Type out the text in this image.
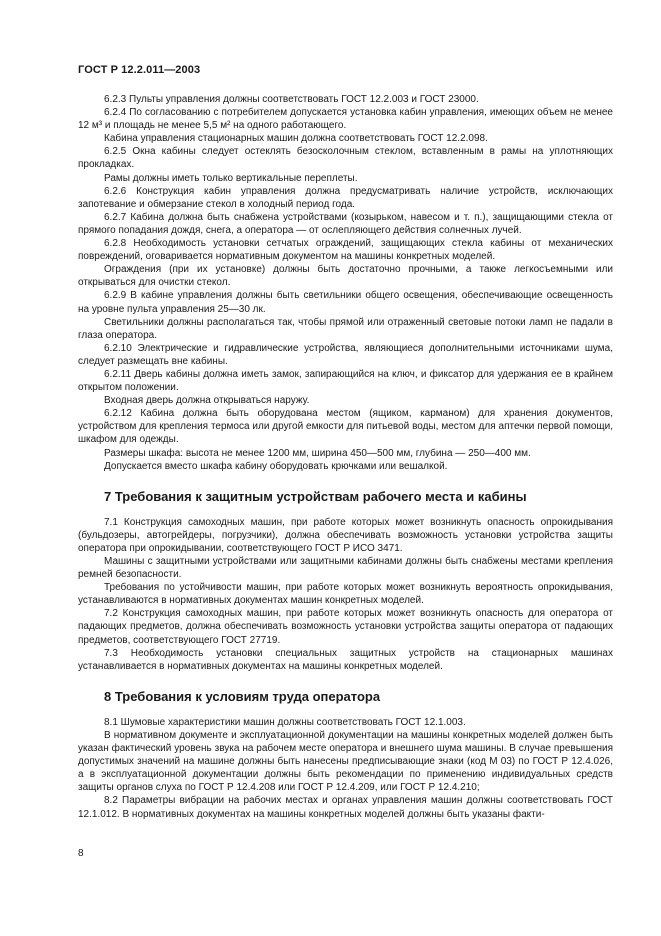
ГОСТ Р 12.2.011—2003

6.2.3 Пульты управления должны соответствовать ГОСТ 12.2.003 и ГОСТ 23000.

6.2.4 По согласованию с потребителем допускается установка кабин управления, имеющих объем не менее 12 м³ и площадь не менее 5,5 м² на одного работающего.

Кабина управления стационарных машин должна соответствовать ГОСТ 12.2.098.

6.2.5 Окна кабины следует остеклять безосколочным стеклом, вставленным в рамы на уплотняющих прокладках.

Рамы должны иметь только вертикальные переплеты.

6.2.6 Конструкция кабин управления должна предусматривать наличие устройств, исключающих запотевание и обмерзание стекол в холодный период года.

6.2.7 Кабина должна быть снабжена устройствами (козырьком, навесом и т. п.), защищающими стекла от прямого попадания дождя, снега, а оператора — от ослепляющего действия солнечных лучей.

6.2.8 Необходимость установки сетчатых ограждений, защищающих стекла кабины от механических повреждений, оговаривается нормативным документом на машины конкретных моделей.

Ограждения (при их установке) должны быть достаточно прочными, а также легкосъемными или открываться для очистки стекол.

6.2.9 В кабине управления должны быть светильники общего освещения, обеспечивающие освещенность на уровне пульта управления 25—30 лк.

Светильники должны располагаться так, чтобы прямой или отраженный световые потоки ламп не падали в глаза оператора.

6.2.10 Электрические и гидравлические устройства, являющиеся дополнительными источниками шума, следует размещать вне кабины.

6.2.11 Дверь кабины должна иметь замок, запирающийся на ключ, и фиксатор для удержания ее в крайнем открытом положении.

Входная дверь должна открываться наружу.

6.2.12 Кабина должна быть оборудована местом (ящиком, карманом) для хранения документов, устройством для крепления термоса или другой емкости для питьевой воды, местом для аптечки первой помощи, шкафом для одежды.

Размеры шкафа: высота не менее 1200 мм, ширина 450—500 мм, глубина — 250—400 мм.

Допускается вместо шкафа кабину оборудовать крючками или вешалкой.

7 Требования к защитным устройствам рабочего места и кабины

7.1 Конструкция самоходных машин, при работе которых может возникнуть опасность опрокидывания (бульдозеры, автогрейдеры, погрузчики), должна обеспечивать возможность установки устройства защиты оператора при опрокидывании, соответствующего ГОСТ Р ИСО 3471.

Машины с защитными устройствами или защитными кабинами должны быть снабжены местами крепления ремней безопасности.

Требования по устойчивости машин, при работе которых может возникнуть вероятность опрокидывания, устанавливаются в нормативных документах машин конкретных моделей.

7.2 Конструкция самоходных машин, при работе которых может возникнуть опасность для оператора от падающих предметов, должна обеспечивать возможность установки устройства защиты оператора от падающих предметов, соответствующего ГОСТ 27719.

7.3 Необходимость установки специальных защитных устройств на стационарных машинах устанавливается в нормативных документах на машины конкретных моделей.

8 Требования к условиям труда оператора

8.1 Шумовые характеристики машин должны соответствовать ГОСТ 12.1.003.

В нормативном документе и эксплуатационной документации на машины конкретных моделей должен быть указан фактический уровень звука на рабочем месте оператора и внешнего шума машины. В случае превышения допустимых значений на машине должны быть нанесены предписывающие знаки (код М 03) по ГОСТ Р 12.4.026, а в эксплуатационной документации должны быть рекомендации по применению индивидуальных средств защиты органов слуха по ГОСТ Р 12.4.208 или ГОСТ Р 12.4.209, или ГОСТ Р 12.4.210;

8.2 Параметры вибрации на рабочих местах и органах управления машин должны соответствовать ГОСТ 12.1.012. В нормативных документах на машины конкретных моделей должны быть указаны факти-

8
